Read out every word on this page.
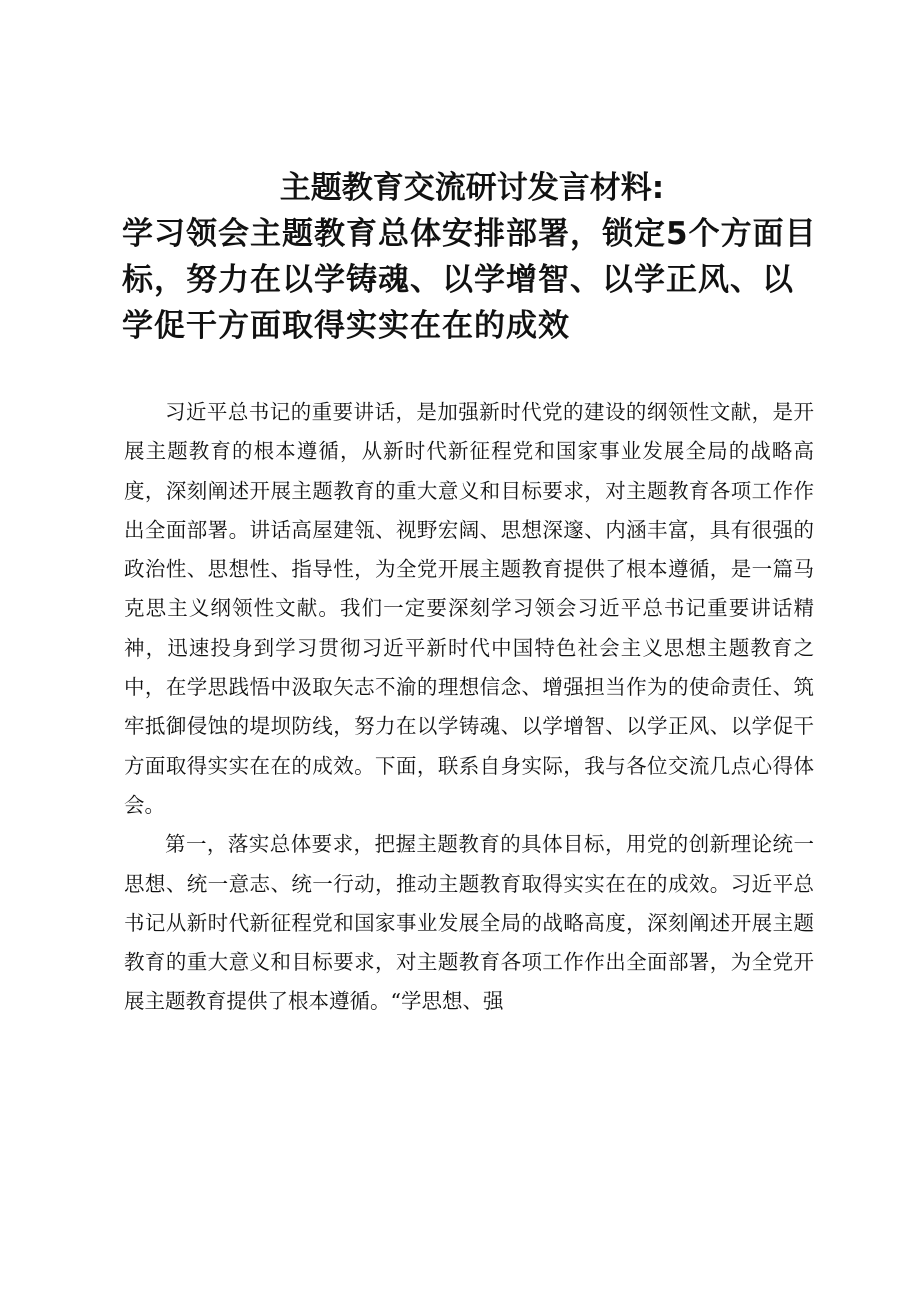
主题教育交流研讨发言材料:

学习领会主题教育总体安排部署，锁定5个方面目标，努力在以学铸魂、以学增智、以学正风、以学促干方面取得实实在在的成效

习近平总书记的重要讲话，是加强新时代党的建设的纲领性文献，是开展主题教育的根本遵循，从新时代新征程党和国家事业发展全局的战略高度，深刻阐述开展主题教育的重大意义和目标要求，对主题教育各项工作作出全面部署。讲话高屋建瓴、视野宏阔、思想深邃、内涵丰富，具有很强的政治性、思想性、指导性，为全党开展主题教育提供了根本遵循，是一篇马克思主义纲领性文献。我们一定要深刻学习领会习近平总书记重要讲话精神，迅速投身到学习贯彻习近平新时代中国特色社会主义思想主题教育之中，在学思践悟中汲取矢志不渝的理想信念、增强担当作为的使命责任、筑牢抵御侵蚀的堤坝防线，努力在以学铸魂、以学增智、以学正风、以学促干方面取得实实在在的成效。下面，联系自身实际，我与各位交流几点心得体会。

第一，落实总体要求，把握主题教育的具体目标，用党的创新理论统一思想、统一意志、统一行动，推动主题教育取得实实在在的成效。习近平总书记从新时代新征程党和国家事业发展全局的战略高度，深刻阐述开展主题教育的重大意义和目标要求，对主题教育各项工作作出全面部署，为全党开展主题教育提供了根本遵循。“学思想、强
